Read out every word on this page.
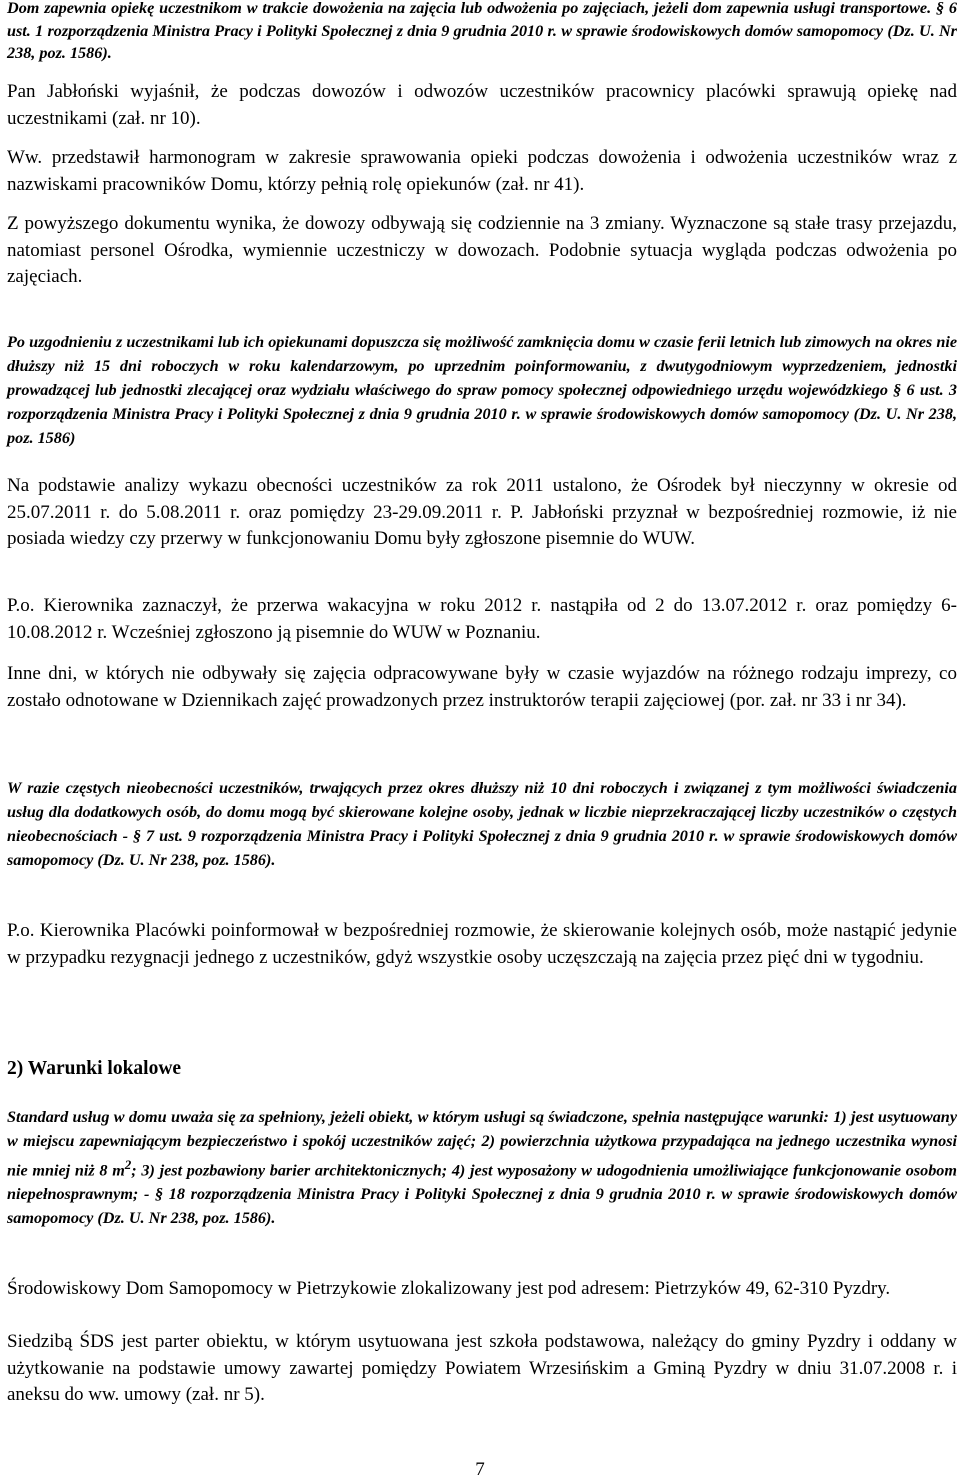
Dom zapewnia opiekę uczestnikom w trakcie dowożenia na zajęcia lub odwożenia po zajęciach, jeżeli dom zapewnia usługi transportowe. § 6 ust. 1 rozporządzenia Ministra Pracy i Polityki Społecznej z dnia 9 grudnia 2010 r. w sprawie środowiskowych domów samopomocy (Dz. U. Nr 238, poz. 1586).

Pan Jabłoński wyjaśnił, że podczas dowozów i odwozów uczestników pracownicy placówki sprawują opiekę nad uczestnikami (zał. nr 10).

Ww. przedstawił harmonogram w zakresie sprawowania opieki podczas dowożenia i odwożenia uczestników wraz z nazwiskami pracowników Domu, którzy pełnią rolę opiekunów (zał. nr 41).

Z powyższego dokumentu wynika, że dowozy odbywają się codziennie na 3 zmiany. Wyznaczone są stałe trasy przejazdu, natomiast personel Ośrodka, wymiennie uczestniczy w dowozach. Podobnie sytuacja wygląda podczas odwożenia po zajęciach.

Po uzgodnieniu z uczestnikami lub ich opiekunami dopuszcza się możliwość zamknięcia domu w czasie ferii letnich lub zimowych na okres nie dłuższy niż 15 dni roboczych w roku kalendarzowym, po uprzednim poinformowaniu, z dwutygodniowym wyprzedzeniem, jednostki prowadzącej lub jednostki zlecającej oraz wydziału właściwego do spraw pomocy społecznej odpowiedniego urzędu wojewódzkiego § 6 ust. 3 rozporządzenia Ministra Pracy i Polityki Społecznej z dnia 9 grudnia 2010 r. w sprawie środowiskowych domów samopomocy (Dz. U. Nr 238, poz. 1586)

Na podstawie analizy wykazu obecności uczestników za rok 2011 ustalono, że Ośrodek był nieczynny w okresie od 25.07.2011 r. do 5.08.2011 r. oraz pomiędzy 23-29.09.2011 r. P. Jabłoński przyznał w bezpośredniej rozmowie, iż nie posiada wiedzy czy przerwy w funkcjonowaniu Domu były zgłoszone pisemnie do WUW.

P.o. Kierownika zaznaczył, że przerwa wakacyjna w roku 2012 r. nastąpiła od 2 do 13.07.2012 r. oraz pomiędzy 6-10.08.2012 r. Wcześniej zgłoszono ją pisemnie do WUW w Poznaniu.

Inne dni, w których nie odbywały się zajęcia odpracowywane były w czasie wyjazdów na różnego rodzaju imprezy, co zostało odnotowane w Dziennikach zajęć prowadzonych przez instruktorów terapii zajęciowej (por. zał. nr 33 i nr 34).

W razie częstych nieobecności uczestników, trwających przez okres dłuższy niż 10 dni roboczych i związanej z tym możliwości świadczenia usług dla dodatkowych osób, do domu mogą być skierowane kolejne osoby, jednak w liczbie nieprzekraczającej liczby uczestników o częstych nieobecnościach - § 7 ust. 9 rozporządzenia Ministra Pracy i Polityki Społecznej z dnia 9 grudnia 2010 r. w sprawie środowiskowych domów samopomocy (Dz. U. Nr 238, poz. 1586).

P.o. Kierownika Placówki poinformował w bezpośredniej rozmowie, że skierowanie kolejnych osób, może nastąpić jedynie w przypadku rezygnacji jednego z uczestników, gdyż wszystkie osoby uczęszczają na zajęcia przez pięć dni w tygodniu.

2) Warunki lokalowe

Standard usług w domu uważa się za spełniony, jeżeli obiekt, w którym usługi są świadczone, spełnia następujące warunki: 1) jest usytuowany w miejscu zapewniającym bezpieczeństwo i spokój uczestników zajęć; 2) powierzchnia użytkowa przypadająca na jednego uczestnika wynosi nie mniej niż 8 $m^2$; 3) jest pozbawiony barier architektonicznych; 4) jest wyposażony w udogodnienia umożliwiające funkcjonowanie osobom niepełnosprawnym; - § 18 rozporządzenia Ministra Pracy i Polityki Społecznej z dnia 9 grudnia 2010 r. w sprawie środowiskowych domów samopomocy (Dz. U. Nr 238, poz. 1586).

Środowiskowy Dom Samopomocy w Pietrzykowie zlokalizowany jest pod adresem: Pietrzyków 49, 62-310 Pyzdry.

Siedzibą ŚDS jest parter obiektu, w którym usytuowana jest szkoła podstawowa, należący do gminy Pyzdry i oddany w użytkowanie na podstawie umowy zawartej pomiędzy Powiatem Wrzesińskim a Gminą Pyzdry w dniu 31.07.2008 r. i aneksu do ww. umowy (zał. nr 5).

7
